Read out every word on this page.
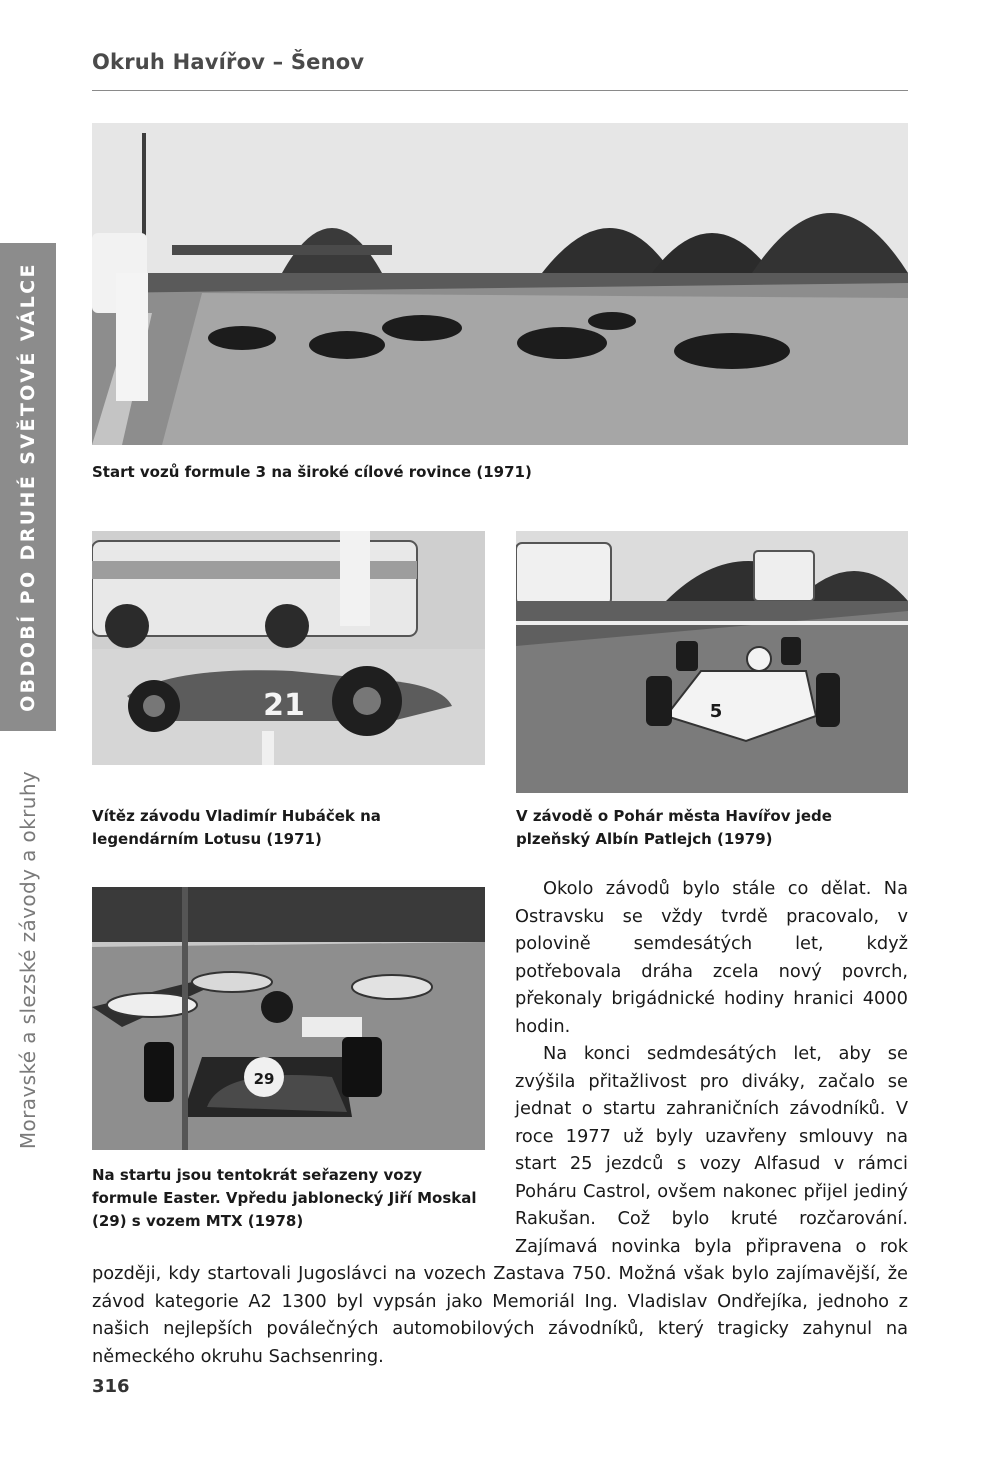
Okruh Havířov – Šenov
OBDOBÍ PO DRUHÉ SVĚTOVÉ VÁLCE
Moravské a slezské závody a okruhy
Start vozů formule 3 na široké cílové rovince (1971)
21
Vítěz závodu Vladimír Hubáček na legendárním Lotusu (1971)
5
V závodě o Pohár města Havířov jede plzeňský Albín Patlejch (1979)
29
Na startu jsou tentokrát seřazeny vozy formule Easter. Vpředu jablonecký Jiří Moskal (29) s vozem MTX (1978)

Okolo závodů bylo stále co dělat. Na Ostravsku se vždy tvrdě pracovalo, v polovině semdesátých let, když potřebovala dráha zcela nový povrch, překonaly brigádnické hodiny hranici 4000 hodin.

Na konci sedmdesátých let, aby se zvýšila přitažlivost pro diváky, začalo se jednat o startu zahraničních závodníků. V roce 1977 už byly uzavřeny smlouvy na start 25 jezdců s vozy Alfasud v rámci Poháru Castrol, ovšem nakonec přijel jediný Rakušan. Což bylo kruté rozčarování. Zajímavá novinka byla připravena o rok později, kdy startovali Jugoslávci na vozech Zastava 750. Možná však bylo zajímavější, že závod kategorie A2 1300 byl vypsán jako Memoriál Ing. Vladislav Ondřejíka, jednoho z našich nejlepších poválečných automobilových závodníků, který tragicky zahynul na německého okruhu Sachsenring.

316
